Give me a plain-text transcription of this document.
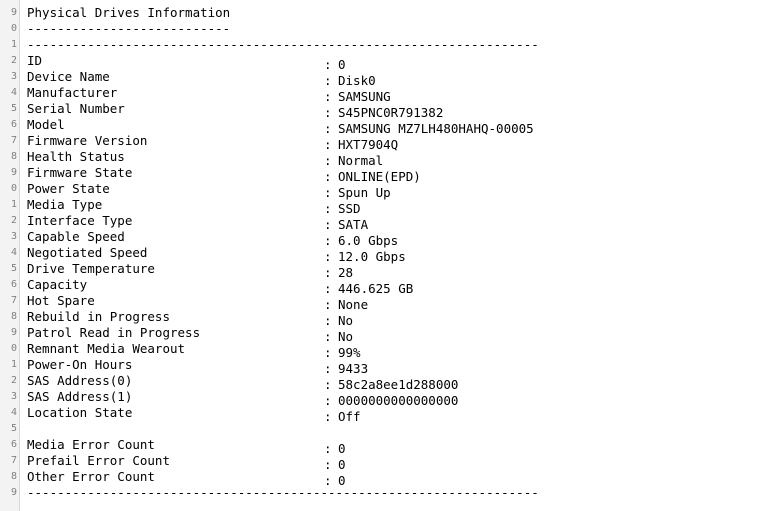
9
0
1
2
3
4
5
6
7
8
9
0
1
2
3
4
5
6
7
8
9
0
1
2
3
4
5
6
7
8
9
Physical Drives Information
---------------------------
--------------------------------------------------------------------
ID	: 0
Device Name	: Disk0
Manufacturer	: SAMSUNG
Serial Number	: S45PNC0R791382
Model	: SAMSUNG MZ7LH480HAHQ-00005
Firmware Version	: HXT7904Q
Health Status	: Normal
Firmware State	: ONLINE(EPD)
Power State	: Spun Up
Media Type	: SSD
Interface Type	: SATA
Capable Speed	: 6.0 Gbps
Negotiated Speed	: 12.0 Gbps
Drive Temperature	: 28
Capacity	: 446.625 GB
Hot Spare	: None
Rebuild in Progress	: No
Patrol Read in Progress	: No
Remnant Media Wearout	: 99%
Power-On Hours	: 9433
SAS Address(0)	: 58c2a8ee1d288000
SAS Address(1)	: 0000000000000000
Location State	: Off
Media Error Count	: 0
Prefail Error Count	: 0
Other Error Count	: 0
--------------------------------------------------------------------
